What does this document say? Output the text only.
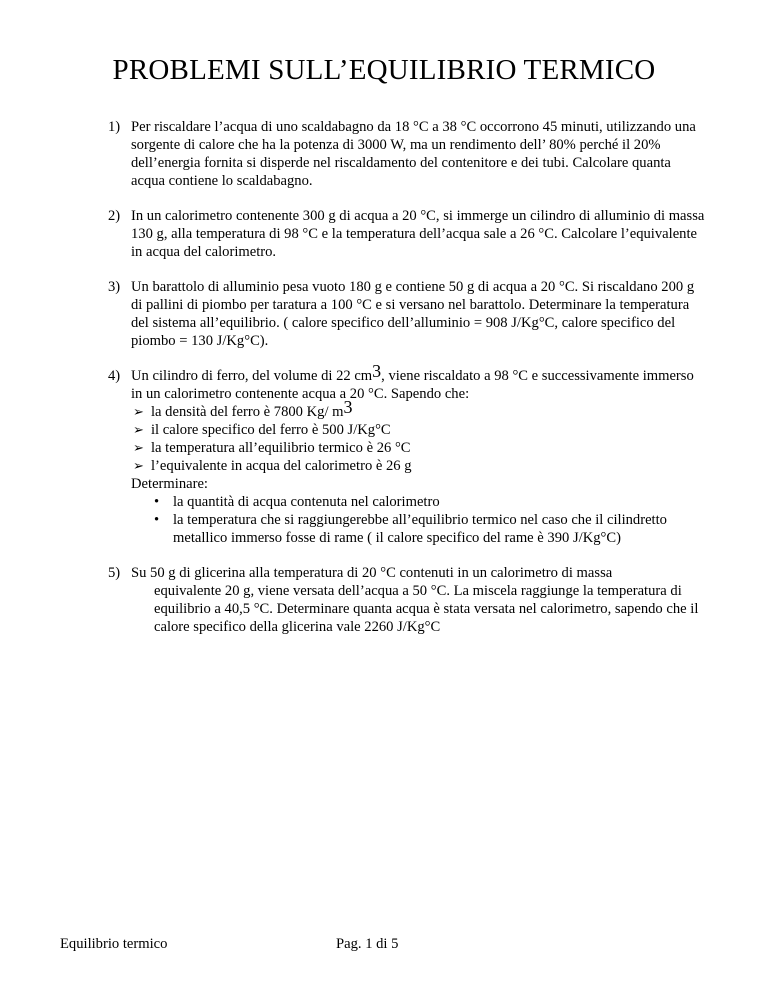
PROBLEMI SULL’EQUILIBRIO TERMICO
1) Per riscaldare l’acqua di uno scaldabagno da 18 °C a 38 °C occorrono 45 minuti, utilizzando una sorgente di calore che ha la potenza di 3000 W, ma un rendimento dell’ 80% perché il 20% dell’energia fornita si disperde nel riscaldamento del contenitore e dei tubi. Calcolare quanta acqua contiene lo scaldabagno.
2) In un calorimetro contenente 300 g di acqua a 20 °C, si immerge un cilindro di alluminio di massa 130 g, alla temperatura di 98 °C e la temperatura dell’acqua sale a 26 °C. Calcolare l’equivalente in acqua del calorimetro.
3) Un barattolo di alluminio pesa vuoto 180 g e contiene 50 g di acqua a 20 °C. Si riscaldano 200 g di pallini di piombo per taratura a 100 °C e si versano nel barattolo. Determinare la temperatura del sistema all’equilibrio. ( calore specifico dell’alluminio = 908 J/Kg°C, calore specifico del piombo = 130 J/Kg°C).
4) Un cilindro di ferro, del volume di 22 cm3, viene riscaldato a 98 °C e successivamente immerso in un calorimetro contenente acqua a 20 °C. Sapendo che:
➢ la densità del ferro è 7800 Kg/ m3
➢ il calore specifico del ferro è 500 J/Kg°C
➢ la temperatura all’equilibrio termico è 26 °C
➢ l’equivalente in acqua del calorimetro è 26 g
Determinare:
• la quantità di acqua contenuta nel calorimetro
• la temperatura che si raggiungerebbe all’equilibrio termico nel caso che il cilindretto metallico immerso fosse di rame ( il calore specifico del rame è 390 J/Kg°C)
5) Su 50 g di glicerina alla temperatura di 20 °C contenuti in un calorimetro di massa
equivalente 20 g, viene versata dell’acqua a 50 °C. La miscela raggiunge la temperatura di equilibrio a 40,5 °C. Determinare quanta acqua è stata versata nel calorimetro, sapendo che il calore specifico della glicerina vale 2260 J/Kg°C
Equilibrio termico	Pag. 1 di 5
